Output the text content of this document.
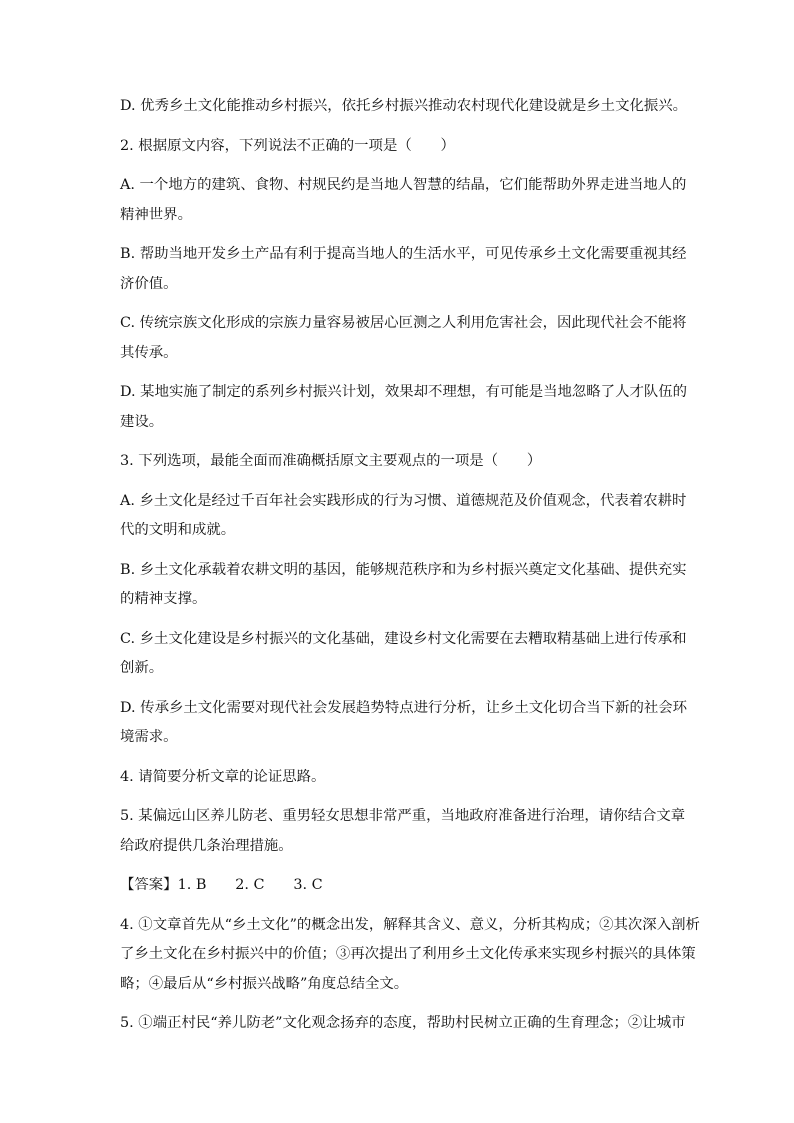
D. 优秀乡土文化能推动乡村振兴，依托乡村振兴推动农村现代化建设就是乡土文化振兴。
2. 根据原文内容，下列说法不正确的一项是（　　）
A. 一个地方的建筑、食物、村规民约是当地人智慧的结晶，它们能帮助外界走进当地人的
精神世界。
B. 帮助当地开发乡土产品有利于提高当地人的生活水平，可见传承乡土文化需要重视其经
济价值。
C. 传统宗族文化形成的宗族力量容易被居心叵测之人利用危害社会，因此现代社会不能将
其传承。
D. 某地实施了制定的系列乡村振兴计划，效果却不理想，有可能是当地忽略了人才队伍的
建设。
3. 下列选项，最能全面而准确概括原文主要观点的一项是（　　）
A. 乡土文化是经过千百年社会实践形成的行为习惯、道德规范及价值观念，代表着农耕时
代的文明和成就。
B. 乡土文化承载着农耕文明的基因，能够规范秩序和为乡村振兴奠定文化基础、提供充实
的精神支撑。
C. 乡土文化建设是乡村振兴的文化基础，建设乡村文化需要在去糟取精基础上进行传承和
创新。
D. 传承乡土文化需要对现代社会发展趋势特点进行分析，让乡土文化切合当下新的社会环
境需求。
4. 请简要分析文章的论证思路。
5. 某偏远山区养儿防老、重男轻女思想非常严重，当地政府准备进行治理，请你结合文章
给政府提供几条治理措施。
【答案】1. B　　2. C　　3. C
4. ①文章首先从“乡土文化”的概念出发，解释其含义、意义，分析其构成；②其次深入剖析
了乡土文化在乡村振兴中的价值；③再次提出了利用乡土文化传承来实现乡村振兴的具体策
略；④最后从“乡村振兴战略”角度总结全文。
5. ①端正村民“养儿防老”文化观念扬弃的态度，帮助村民树立正确的生育理念；②让城市
